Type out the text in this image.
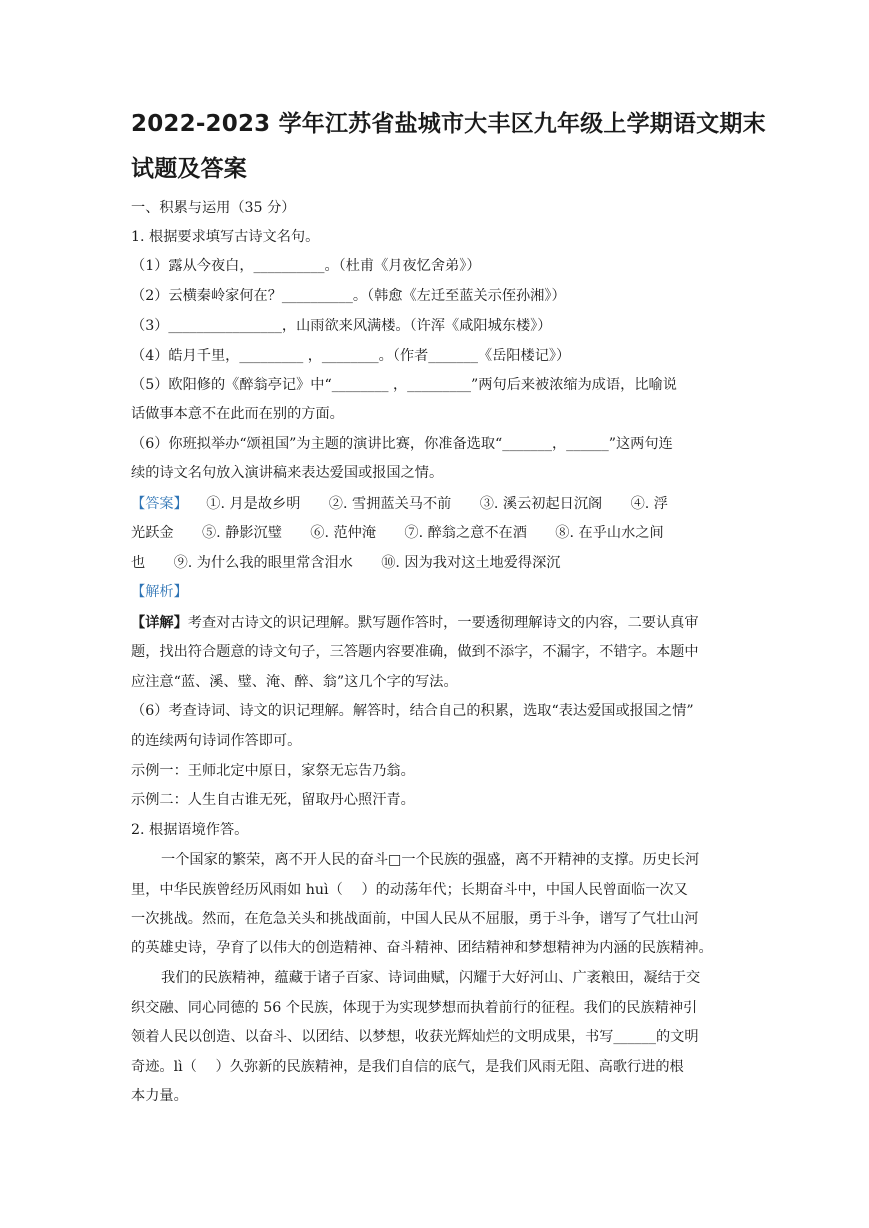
2022-2023 学年江苏省盐城市大丰区九年级上学期语文期末
试题及答案
一、积累与运用（35 分）
1. 根据要求填写古诗文名句。
（1）露从今夜白，__________。（杜甫《月夜忆舍弟》）
（2）云横秦岭家何在？__________。（韩愈《左迁至蓝关示侄孙湘》）
（3）________________，山雨欲来风满楼。（许浑《咸阳城东楼》）
（4）皓月千里，_________ ，________。（作者_______《岳阳楼记》）
（5）欧阳修的《醉翁亭记》中“________ ，_________”两句后来被浓缩为成语，比喻说
话做事本意不在此而在别的方面。
（6）你班拟举办“颂祖国”为主题的演讲比赛，你准备选取“_______，______”这两句连
续的诗文名句放入演讲稿来表达爱国或报国之情。
【答案】 ①. 月是故乡明　　②. 雪拥蓝关马不前　　③. 溪云初起日沉阁　　④. 浮
光跃金　　⑤. 静影沉璧　　⑥. 范仲淹　　⑦. 醉翁之意不在酒　　⑧. 在乎山水之间
也　　⑨. 为什么我的眼里常含泪水　　⑩. 因为我对这土地爱得深沉
【解析】
【详解】考查对古诗文的识记理解。默写题作答时，一要透彻理解诗文的内容，二要认真审
题，找出符合题意的诗文句子，三答题内容要准确，做到不添字，不漏字，不错字。本题中
应注意“蓝、溪、璧、淹、醉、翁”这几个字的写法。
（6）考查诗词、诗文的识记理解。解答时，结合自己的积累，选取“表达爱国或报国之情”
的连续两句诗词作答即可。
示例一：王师北定中原日，家祭无忘告乃翁。
示例二：人生自古谁无死，留取丹心照汗青。
2. 根据语境作答。
一个国家的繁荣，离不开人民的奋斗□一个民族的强盛，离不开精神的支撑。历史长河
里，中华民族曾经历风雨如 huì（　 ）的动荡年代；长期奋斗中，中国人民曾面临一次又
一次挑战。然而，在危急关头和挑战面前，中国人民从不屈服，勇于斗争，谱写了气壮山河
的英雄史诗，孕育了以伟大的创造精神、奋斗精神、团结精神和梦想精神为内涵的民族精神。
我们的民族精神，蕴藏于诸子百家、诗词曲赋，闪耀于大好河山、广袤粮田，凝结于交
织交融、同心同德的 56 个民族，体现于为实现梦想而执着前行的征程。我们的民族精神引
领着人民以创造、以奋斗、以团结、以梦想，收获光辉灿烂的文明成果，书写______的文明
奇迹。lì（　 ）久弥新的民族精神，是我们自信的底气，是我们风雨无阻、高歌行进的根
本力量。
